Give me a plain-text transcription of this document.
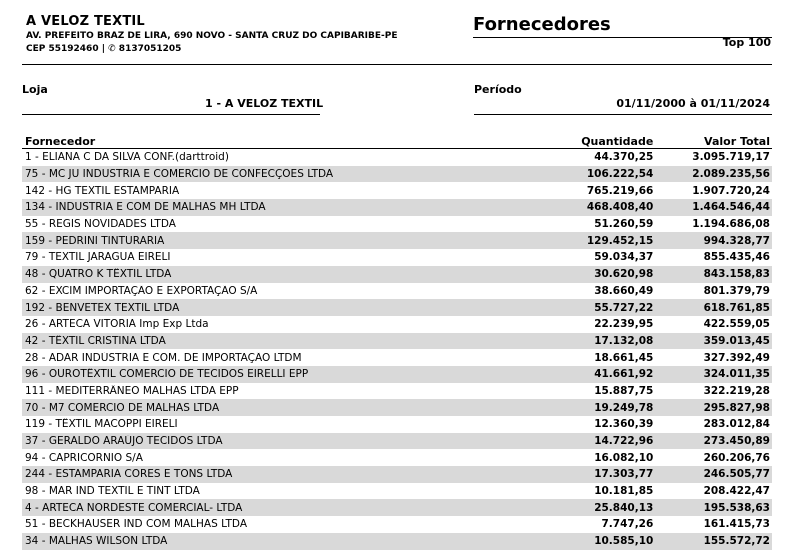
A VELOZ TEXTIL
AV. PREFEITO BRAZ DE LIRA, 690 NOVO - SANTA CRUZ DO CAPIBARIBE-PE
CEP 55192460 | ✆ 8137051205
Fornecedores
Top 100
Loja
1 - A VELOZ TEXTIL
Período
01/11/2000 à 01/11/2024
Fornecedor	Quantidade	Valor Total
1 - ELIANA C DA SILVA CONF.(darttroid)	44.370,25	3.095.719,17
75 - MC JU INDUSTRIA E COMERCIO DE CONFECÇÕES LTDA	106.222,54	2.089.235,56
142 - HG TEXTIL ESTAMPARIA	765.219,66	1.907.720,24
134 - INDUSTRIA E COM DE MALHAS MH LTDA	468.408,40	1.464.546,44
55 - REGIS NOVIDADES LTDA	51.260,59	1.194.686,08
159 - PEDRINI TINTURARIA	129.452,15	994.328,77
79 - TEXTIL JARAGUA EIRELI	59.034,37	855.435,46
48 - QUATRO K TÊXTIL LTDA	30.620,98	843.158,83
62 - EXCIM IMPORTAÇÃO E EXPORTAÇÃO S/A	38.660,49	801.379,79
192 - BENVETEX TEXTIL LTDA	55.727,22	618.761,85
26 - ARTECA VITORIA Imp Exp Ltda	22.239,95	422.559,05
42 - TÊXTIL CRISTINA LTDA	17.132,08	359.013,45
28 - ADAR INDÚSTRIA E COM. DE IMPORTAÇÃO LTDM	18.661,45	327.392,49
96 - OUROTÊXTIL COMERCIO DE TECIDOS EIRELLI EPP	41.661,92	324.011,35
111 - MEDITERRÂNEO MALHAS LTDA EPP	15.887,75	322.219,28
70 - M7 COMERCIO DE MALHAS LTDA	19.249,78	295.827,98
119 - TÊXTIL MACOPPI EIRELI	12.360,39	283.012,84
37 - GERALDO ARAÚJO TECIDOS LTDA	14.722,96	273.450,89
94 - CAPRICORNIO S/A	16.082,10	260.206,76
244 - ESTAMPARIA CORES E TONS LTDA	17.303,77	246.505,77
98 - MAR IND TEXTIL E TINT LTDA	10.181,85	208.422,47
4 - ARTECA NORDESTE COMERCIAL- LTDA	25.840,13	195.538,63
51 - BECKHAUSER IND COM MALHAS LTDA	7.747,26	161.415,73
34 - MALHAS WILSON LTDA	10.585,10	155.572,72
